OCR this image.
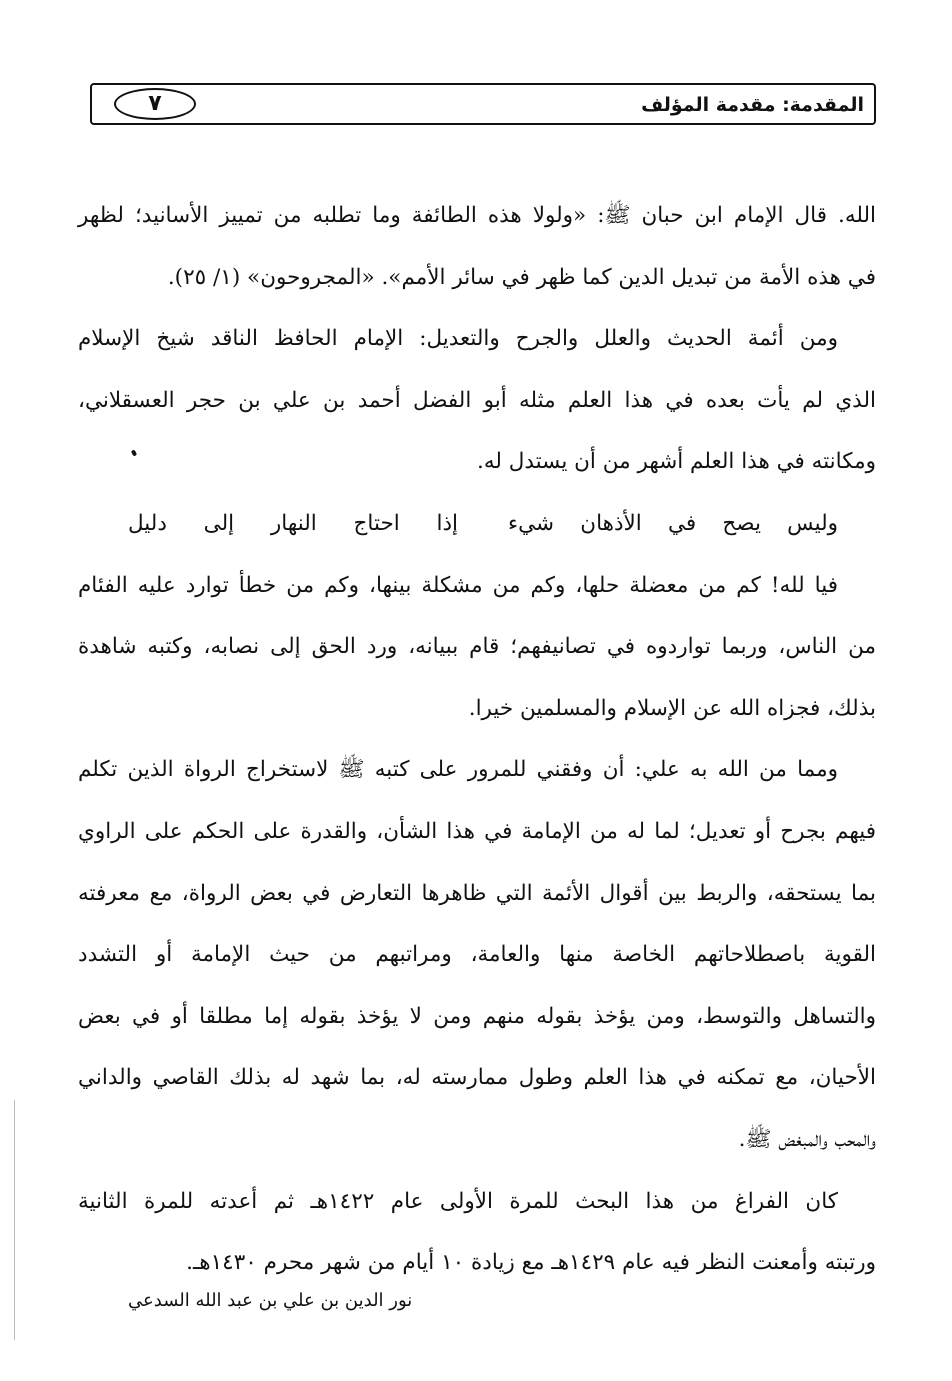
المقدمة: مقدمة المؤلف
٧
الله. قال الإمام ابن حبان ﷺ: «ولولا هذه الطائفة وما تطلبه من تمييز الأسانيد؛ لظهر
في هذه الأمة من تبديل الدين كما ظهر في سائر الأمم». «المجروحون» (١/ ٢٥).
ومن أئمة الحديث والعلل والجرح والتعديل: الإمام الحافظ الناقد شيخ الإسلام
الذي لم يأت بعده في هذا العلم مثله أبو الفضل أحمد بن علي بن حجر العسقلاني،
ومكانته في هذا العلم أشهر من أن يستدل له.
وليس يصح في الأذهان شيء
إذا احتاج النهار إلى دليل
فيا لله! كم من معضلة حلها، وكم من مشكلة بينها، وكم من خطأ توارد عليه الفئام
من الناس، وربما تواردوه في تصانيفهم؛ قام ببيانه، ورد الحق إلى نصابه، وكتبه شاهدة
بذلك، فجزاه الله عن الإسلام والمسلمين خيرا.
ومما من الله به علي: أن وفقني للمرور على كتبه ﷺ لاستخراج الرواة الذين تكلم
فيهم بجرح أو تعديل؛ لما له من الإمامة في هذا الشأن، والقدرة على الحكم على الراوي
بما يستحقه، والربط بين أقوال الأئمة التي ظاهرها التعارض في بعض الرواة، مع معرفته
القوية باصطلاحاتهم الخاصة منها والعامة، ومراتبهم من حيث الإمامة أو التشدد
والتساهل والتوسط، ومن يؤخذ بقوله منهم ومن لا يؤخذ بقوله إما مطلقا أو في بعض
الأحيان، مع تمكنه في هذا العلم وطول ممارسته له، بما شهد له بذلك القاصي والداني
والمحب والمبغض ﷺ.
كان الفراغ من هذا البحث للمرة الأولى عام ١٤٢٢هـ ثم أعدته للمرة الثانية
ورتبته وأمعنت النظر فيه عام ١٤٢٩هـ مع زيادة ١٠ أيام من شهر محرم ١٤٣٠هـ.
نور الدين بن علي بن عبد الله السدعي
